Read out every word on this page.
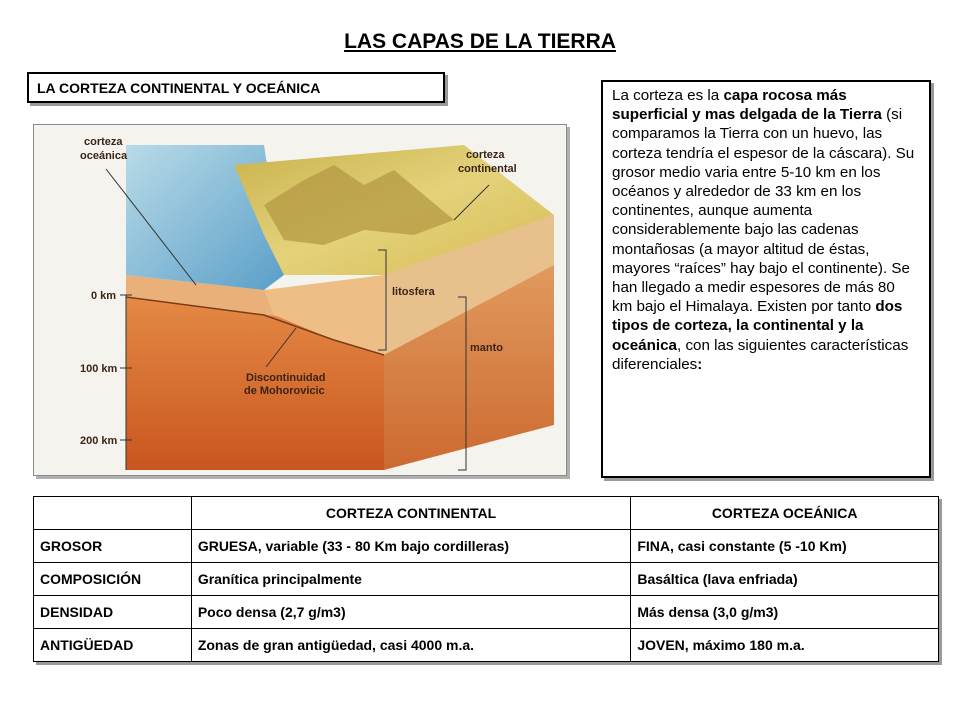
LAS CAPAS DE LA TIERRA
LA CORTEZA CONTINENTAL Y OCEÁNICA
corteza
oceánica	corteza
continental
0 km
100 km
200 km
litosfera
manto
Discontinuidad
de Mohorovicic
La corteza es la capa rocosa más superficial y mas delgada de la Tierra (si comparamos la Tierra con un huevo, las corteza tendría el espesor de la cáscara). Su grosor medio varia entre 5-10 km en los océanos y alrededor de 33 km en los continentes, aunque aumenta considerablemente bajo las cadenas montañosas (a mayor altitud de éstas, mayores “raíces” hay bajo el continente). Se han llegado a medir espesores de más 80 km bajo el Himalaya. Existen por tanto dos tipos de corteza, la continental y la oceánica, con las siguientes características diferenciales:
	CORTEZA CONTINENTAL	CORTEZA OCEÁNICA
GROSOR	GRUESA, variable (33 - 80 Km bajo cordilleras)	FINA, casi constante (5 -10 Km)
COMPOSICIÓN	Granítica principalmente	Basáltica (lava enfriada)
DENSIDAD	Poco densa (2,7 g/m3)	Más densa (3,0 g/m3)
ANTIGÜEDAD	Zonas de gran antigüedad, casi 4000 m.a.	JOVEN, máximo 180 m.a.
